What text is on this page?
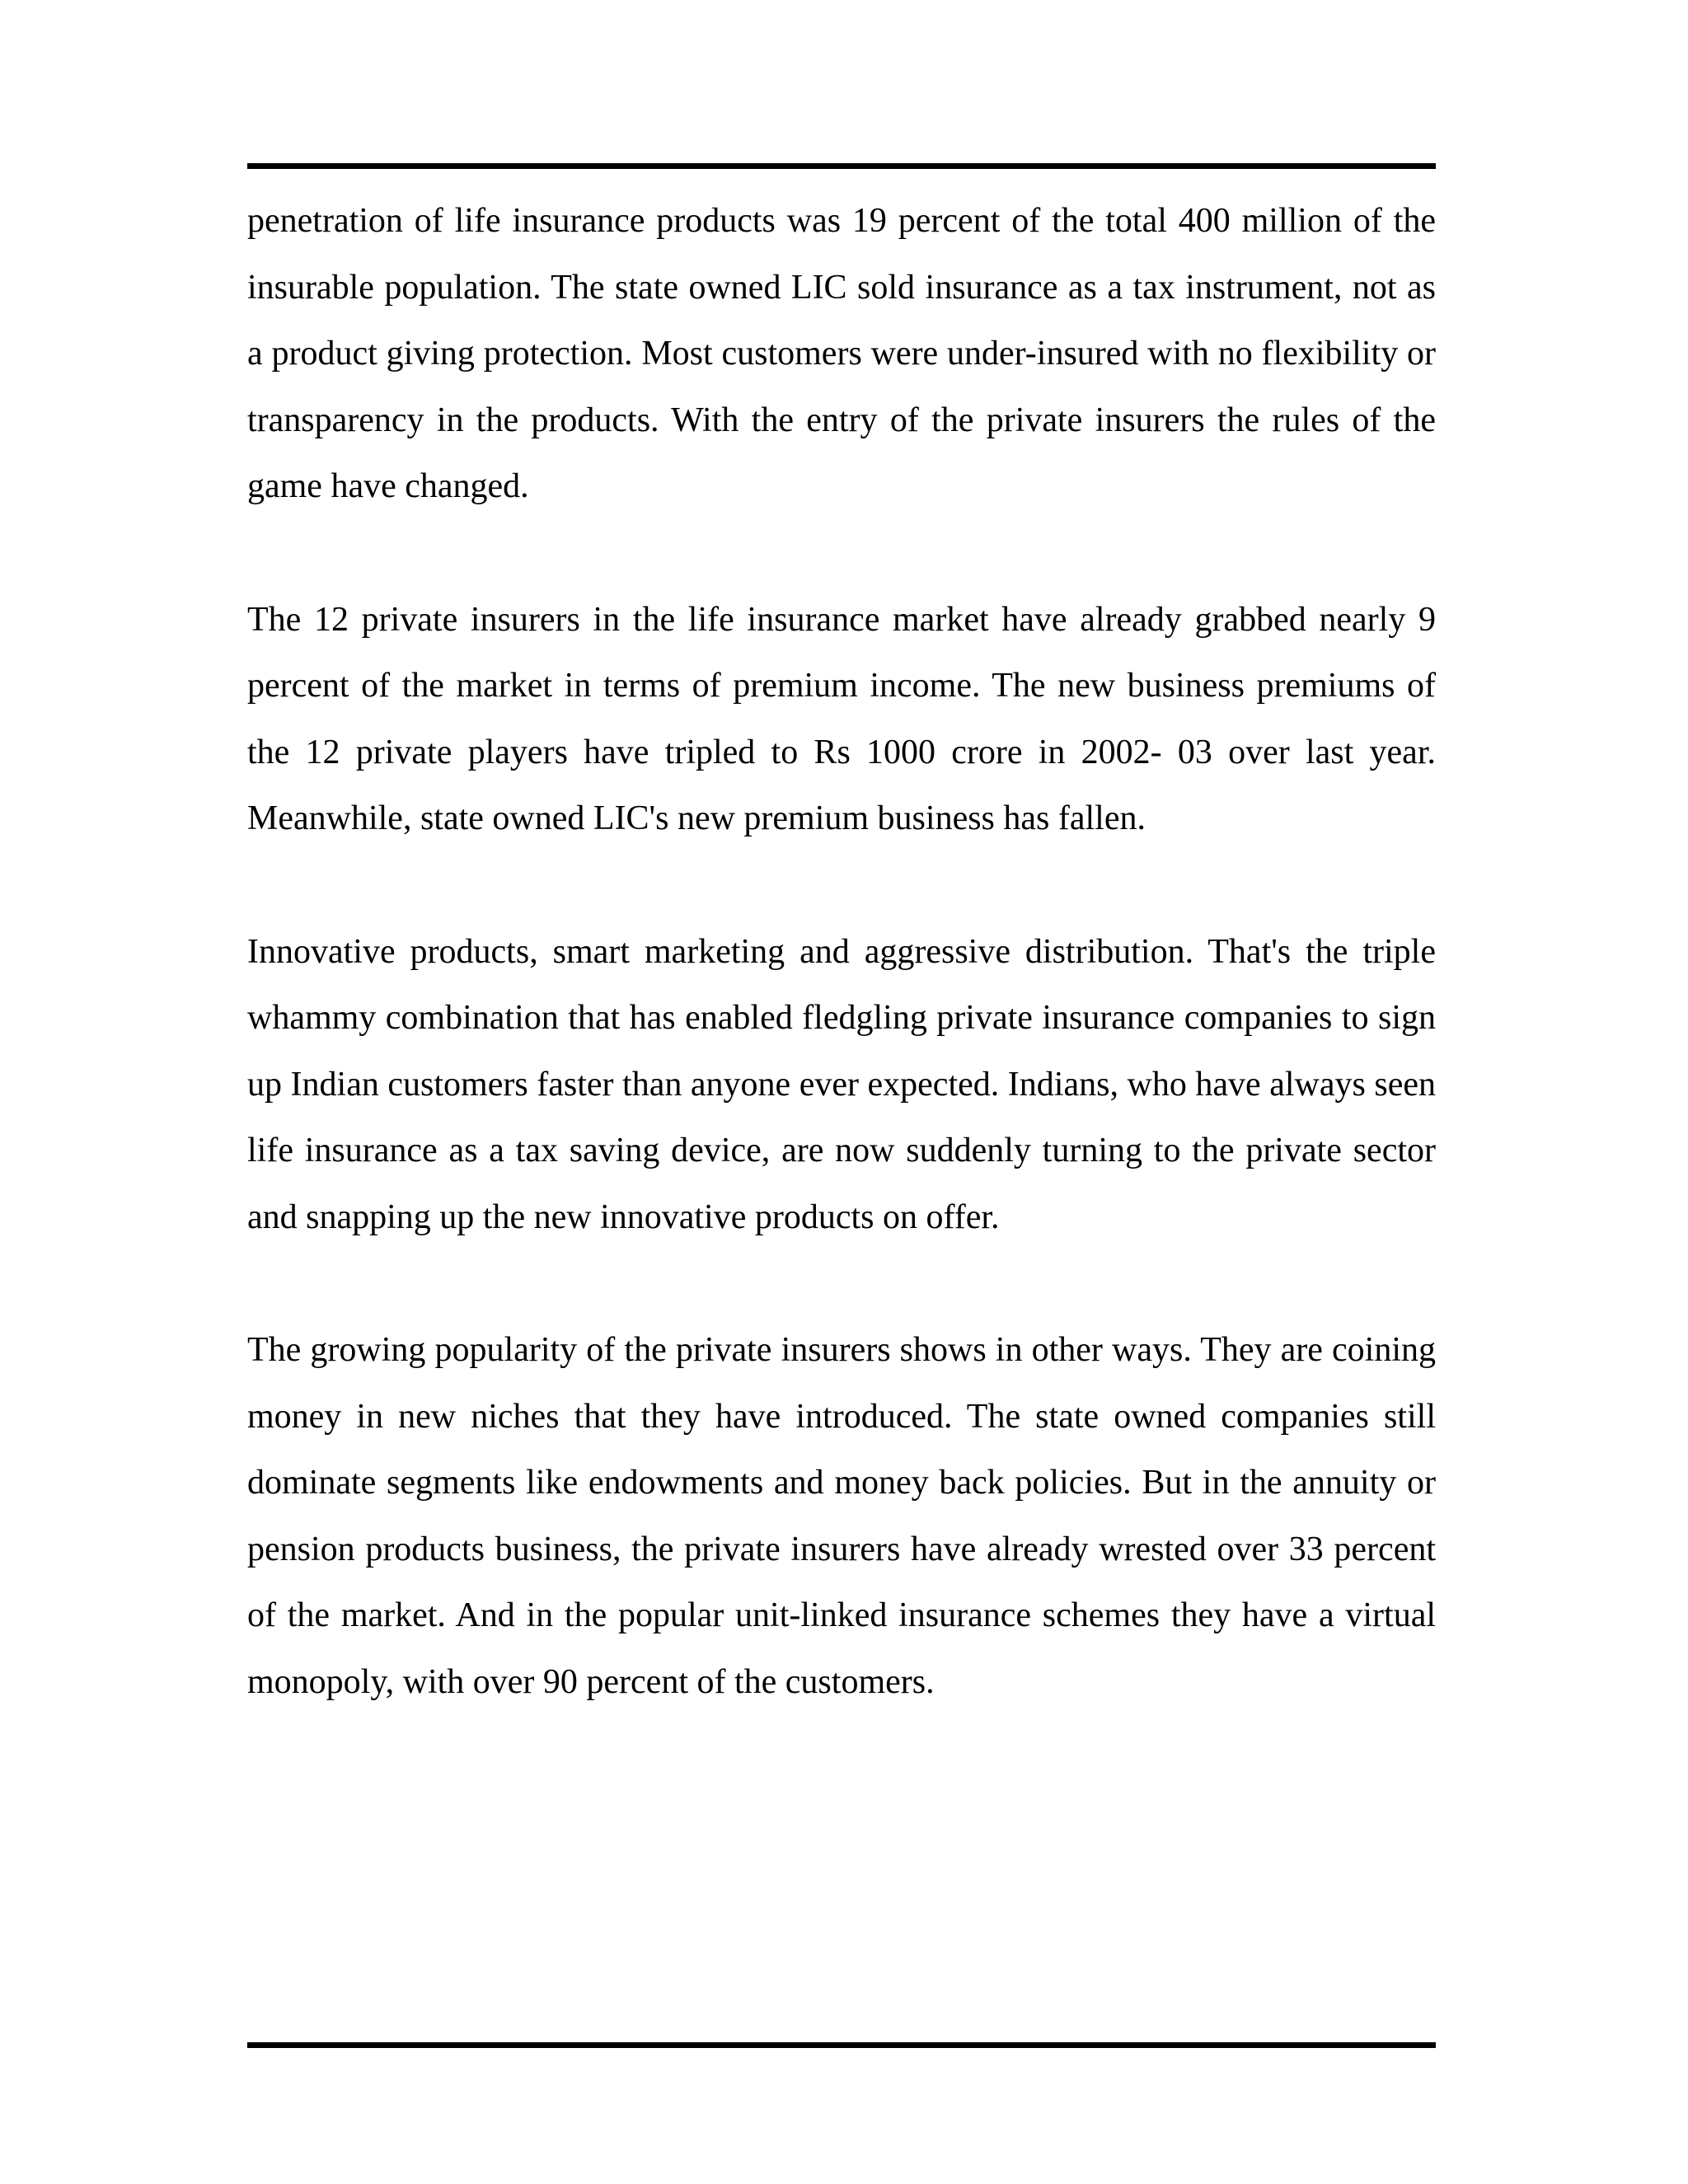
penetration of life insurance products was 19 percent of the total 400 million of the insurable population. The state owned LIC sold insurance as a tax instrument, not as a product giving protection. Most customers were under-insured with no flexibility or transparency in the products. With the entry of the private insurers the rules of the game have changed.

The 12 private insurers in the life insurance market have already grabbed nearly 9 percent of the market in terms of premium income. The new business premiums of the 12 private players have tripled to Rs 1000 crore in 2002- 03 over last year. Meanwhile, state owned LIC's new premium business has fallen.

Innovative products, smart marketing and aggressive distribution. That's the triple whammy combination that has enabled fledgling private insurance companies to sign up Indian customers faster than anyone ever expected. Indians, who have always seen life insurance as a tax saving device, are now suddenly turning to the private sector and snapping up the new innovative products on offer.

The growing popularity of the private insurers shows in other ways. They are coining money in new niches that they have introduced. The state owned companies still dominate segments like endowments and money back policies. But in the annuity or pension products business, the private insurers have already wrested over 33 percent of the market. And in the popular unit-linked insurance schemes they have a virtual monopoly, with over 90 percent of the customers.
